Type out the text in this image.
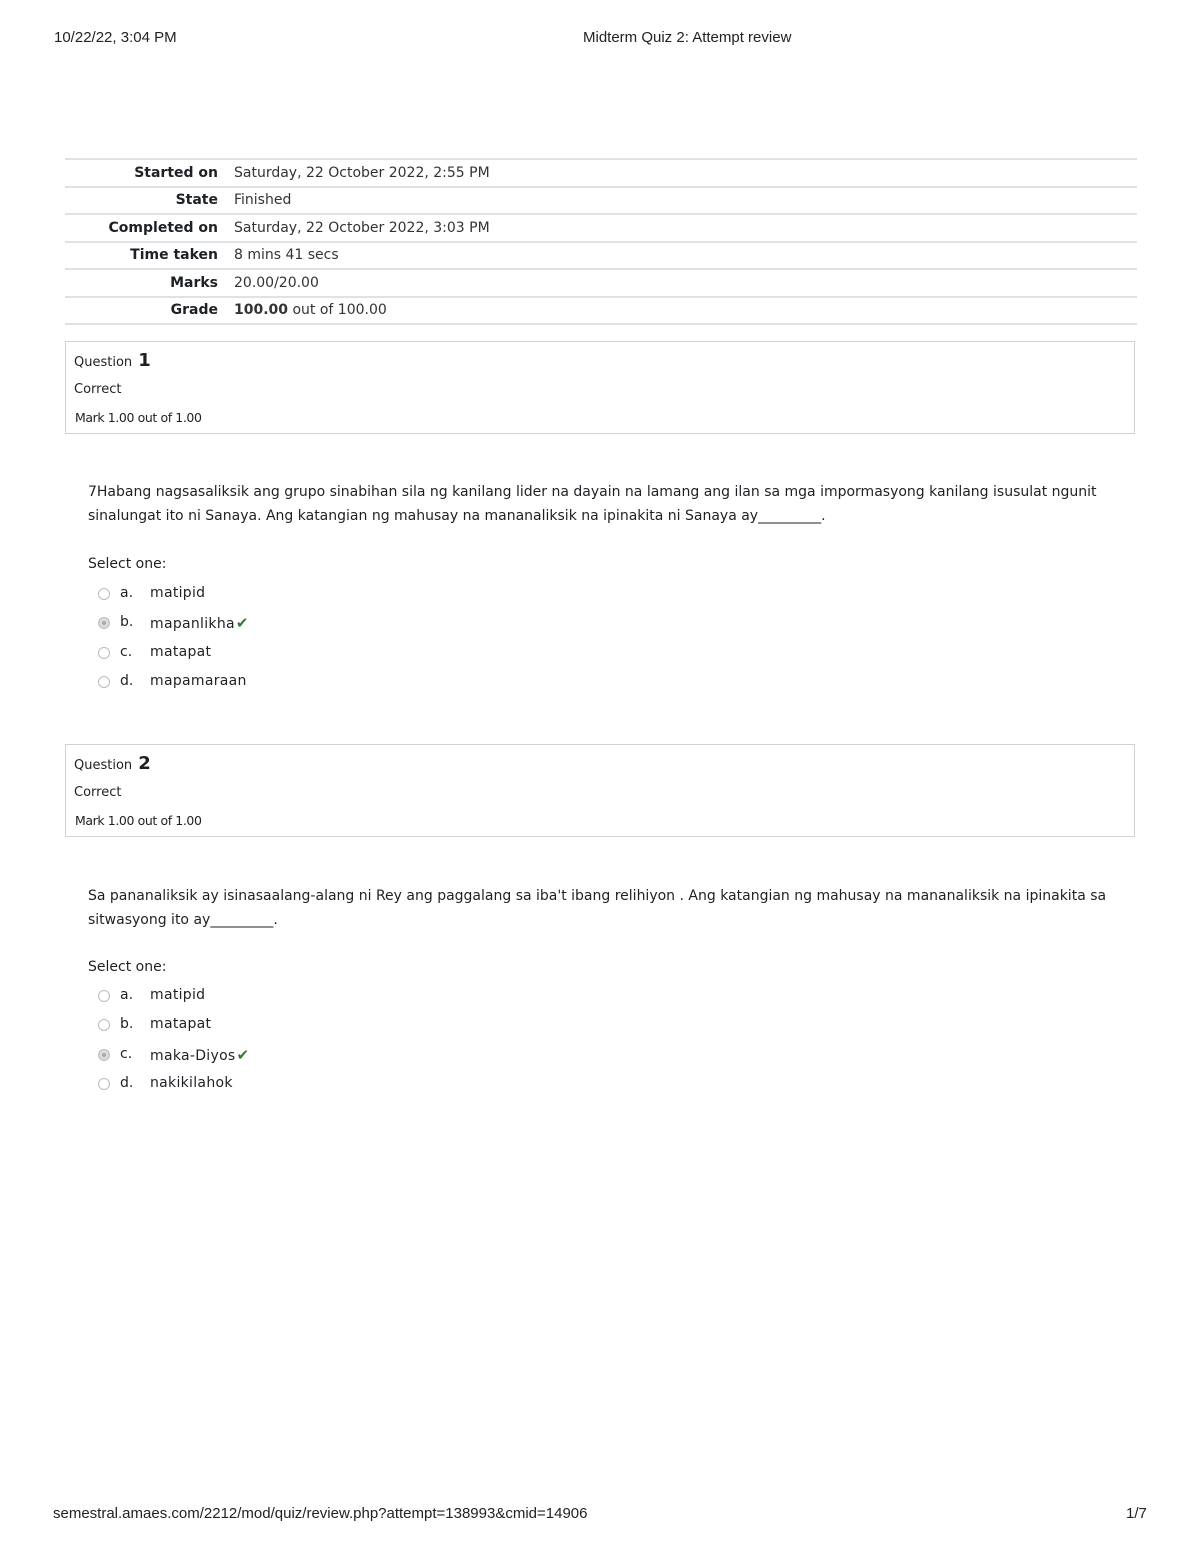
10/22/22, 3:04 PM	Midterm Quiz 2: Attempt review
Started on	Saturday, 22 October 2022, 2:55 PM
State	Finished
Completed on	Saturday, 22 October 2022, 3:03 PM
Time taken	8 mins 41 secs
Marks	20.00/20.00
Grade	100.00 out of 100.00
Question 1
Correct
Mark 1.00 out of 1.00
7Habang nagsasaliksik ang grupo sinabihan sila ng kanilang lider na dayain na lamang ang ilan sa mga impormasyong kanilang isusulat ngunit sinalungat ito ni Sanaya. Ang katangian ng mahusay na mananaliksik na ipinakita ni Sanaya ay_________.
Select one:
a. matipid
b. mapanlikha✔
c. matapat
d. mapamaraan
Question 2
Correct
Mark 1.00 out of 1.00
Sa pananaliksik ay isinasaalang-alang ni Rey ang paggalang sa iba't ibang relihiyon . Ang katangian ng mahusay na mananaliksik na ipinakita sa sitwasyong ito ay_________.
Select one:
a. matipid
b. matapat
c. maka-Diyos✔
d. nakikilahok
semestral.amaes.com/2212/mod/quiz/review.php?attempt=138993&cmid=14906	1/7
